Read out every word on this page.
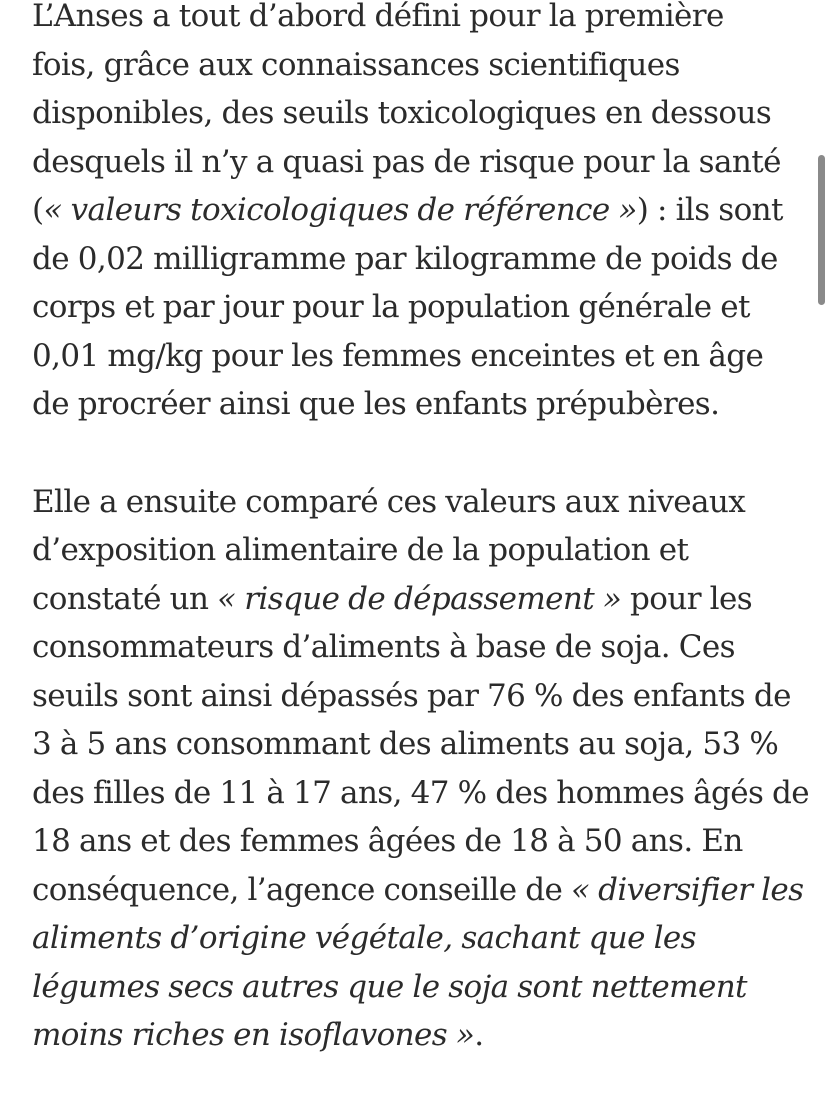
L’Anses a tout d’abord défini pour la première
fois, grâce aux connaissances scientifiques
disponibles, des seuils toxicologiques en dessous
desquels il n’y a quasi pas de risque pour la santé
(« valeurs toxicologiques de référence ») : ils sont
de 0,02 milligramme par kilogramme de poids de
corps et par jour pour la population générale et
0,01 mg/kg pour les femmes enceintes et en âge
de procréer ainsi que les enfants prépubères.

Elle a ensuite comparé ces valeurs aux niveaux
d’exposition alimentaire de la population et
constaté un « risque de dépassement » pour les
consommateurs d’aliments à base de soja. Ces
seuils sont ainsi dépassés par 76 % des enfants de
3 à 5 ans consommant des aliments au soja, 53 %
des filles de 11 à 17 ans, 47 % des hommes âgés de
18 ans et des femmes âgées de 18 à 50 ans. En
conséquence, l’agence conseille de « diversifier les
aliments d’origine végétale, sachant que les
légumes secs autres que le soja sont nettement
moins riches en isoflavones ».
